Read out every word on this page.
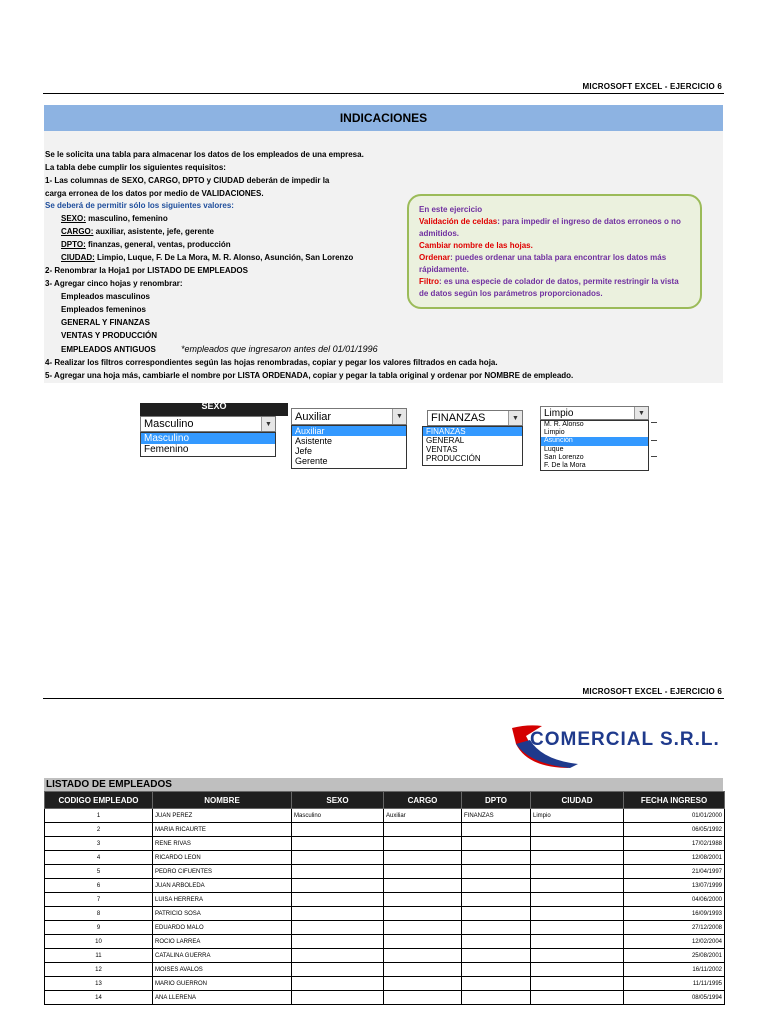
MICROSOFT EXCEL - EJERCICIO 6
INDICACIONES
Se le solicita una tabla para almacenar los datos de los empleados de una empresa.
La tabla debe cumplir los siguientes requisitos:
1- Las columnas de SEXO, CARGO, DPTO y CIUDAD deberán de impedir la
carga erronea de los datos por medio de VALIDACIONES.
Se deberá de permitir sólo los siguientes valores:
SEXO: masculino, femenino
CARGO: auxiliar, asistente, jefe, gerente
DPTO: finanzas, general, ventas, producción
CIUDAD: Limpio, Luque, F. De La Mora, M. R. Alonso, Asunción, San Lorenzo
2- Renombrar la Hoja1 por LISTADO DE EMPLEADOS
3- Agregar cinco hojas y renombrar:
Empleados masculinos
Empleados femeninos
GENERAL Y FINANZAS
VENTAS Y PRODUCCIÓN
EMPLEADOS ANTIGUOS	*empleados que ingresaron antes del 01/01/1996
4- Realizar los filtros correspondientes según las hojas renombradas, copiar y pegar los valores filtrados en cada hoja.
5- Agregar una hoja más, cambiarle el nombre por LISTA ORDENADA, copiar y pegar la tabla original y ordenar por NOMBRE de empleado.
En este ejercicio
Validación de celdas: para impedir el ingreso de datos erroneos o no admitidos.
Cambiar nombre de las hojas.
Ordenar: puedes ordenar una tabla para encontrar los datos más rápidamente.
Filtro: es una especie de colador de datos, permite restringir la vista de datos según los parámetros proporcionados.
SEXO
Masculino	▼
Masculino
Femenino
Auxiliar	▼
Auxiliar
Asistente
Jefe
Gerente
FINANZAS	▼
FINANZAS
GENERAL
VENTAS
PRODUCCIÓN
Limpio	▼
M. R. Alonso
Limpio
Asunción
Luque
San Lorenzo
F. De la Mora
MICROSOFT EXCEL - EJERCICIO 6
COMERCIAL S.R.L.
LISTADO DE EMPLEADOS
CODIGO EMPLEADO	NOMBRE	SEXO	CARGO	DPTO	CIUDAD	FECHA INGRESO
1	JUAN PEREZ	Masculino	Auxiliar	FINANZAS	Limpio	01/01/2000
2	MARIA RICAURTE					06/05/1992
3	RENE RIVAS					17/02/1988
4	RICARDO LEON					12/08/2001
5	PEDRO CIFUENTES					21/04/1997
6	JUAN ARBOLEDA					13/07/1999
7	LUISA HERRERA					04/06/2000
8	PATRICIO SOSA					16/09/1993
9	EDUARDO MALO					27/12/2008
10	ROCIO LARREA					12/02/2004
11	CATALINA GUERRA					25/08/2001
12	MOISES AVALOS					16/11/2002
13	MARIO GUERRON					11/11/1995
14	ANA LLERENA					08/05/1994
